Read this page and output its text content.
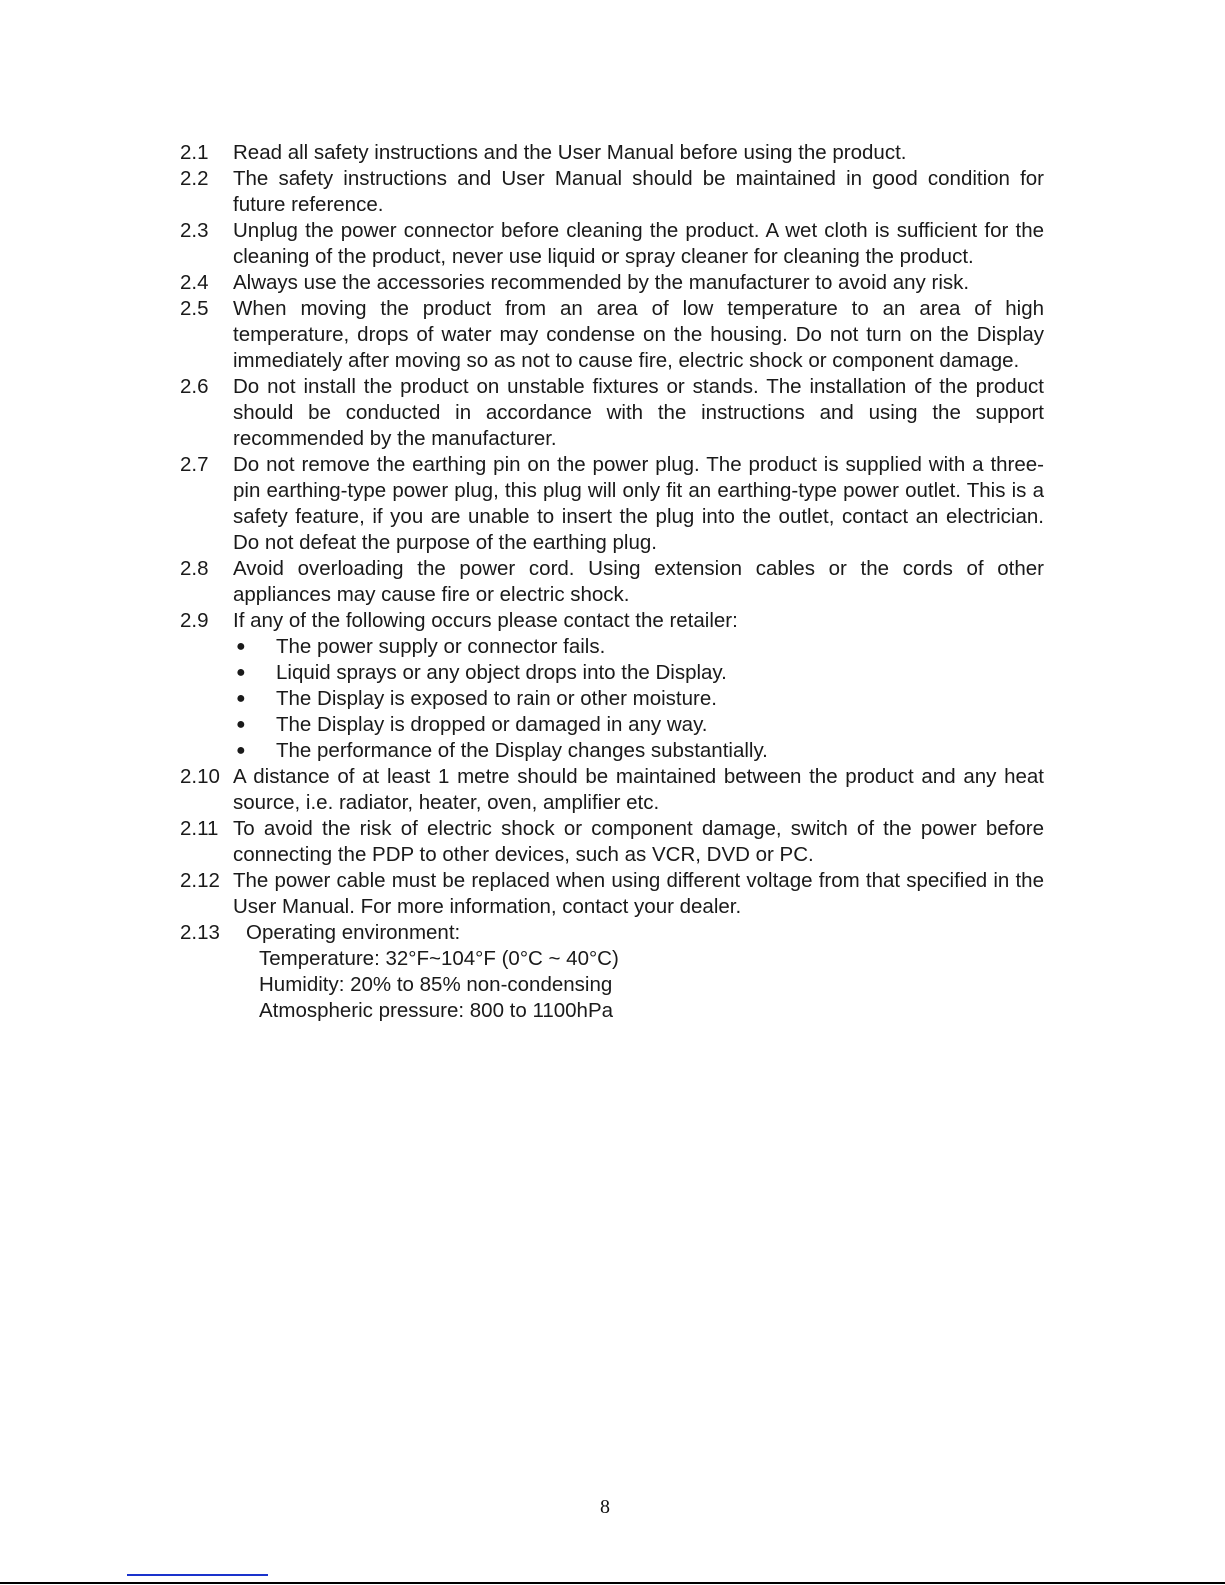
2.1	Read all safety instructions and the User Manual before using the product.
2.2	The safety instructions and User Manual should be maintained in good condition for future reference.
2.3	Unplug the power connector before cleaning the product. A wet cloth is sufficient for the cleaning of the product, never use liquid or spray cleaner for cleaning the product.
2.4	Always use the accessories recommended by the manufacturer to avoid any risk.
2.5	When moving the product from an area of low temperature to an area of high temperature, drops of water may condense on the housing. Do not turn on the Display immediately after moving so as not to cause fire, electric shock or component damage.
2.6	Do not install the product on unstable fixtures or stands. The installation of the product should be conducted in accordance with the instructions and using the support recommended by the manufacturer.
2.7	Do not remove the earthing pin on the power plug. The product is supplied with a three-pin earthing-type power plug, this plug will only fit an earthing-type power outlet. This is a safety feature, if you are unable to insert the plug into the outlet, contact an electrician. Do not defeat the purpose of the earthing plug.
2.8	Avoid overloading the power cord. Using extension cables or the cords of other appliances may cause fire or electric shock.
2.9	If any of the following occurs please contact the retailer:
●	The power supply or connector fails.
●	Liquid sprays or any object drops into the Display.
●	The Display is exposed to rain or other moisture.
●	The Display is dropped or damaged in any way.
●	The performance of the Display changes substantially.
2.10 A distance of at least 1 metre should be maintained between the product and any heat source, i.e. radiator, heater, oven, amplifier etc.
2.11 To avoid the risk of electric shock or component damage, switch of the power before connecting the PDP to other devices, such as VCR, DVD or PC.
2.12 The power cable must be replaced when using different voltage from that specified in the User Manual. For more information, contact your dealer.
2.13	Operating environment:
Temperature: 32°F~104°F (0°C ~ 40°C)
Humidity: 20% to 85% non-condensing
Atmospheric pressure: 800 to 1100hPa
8
